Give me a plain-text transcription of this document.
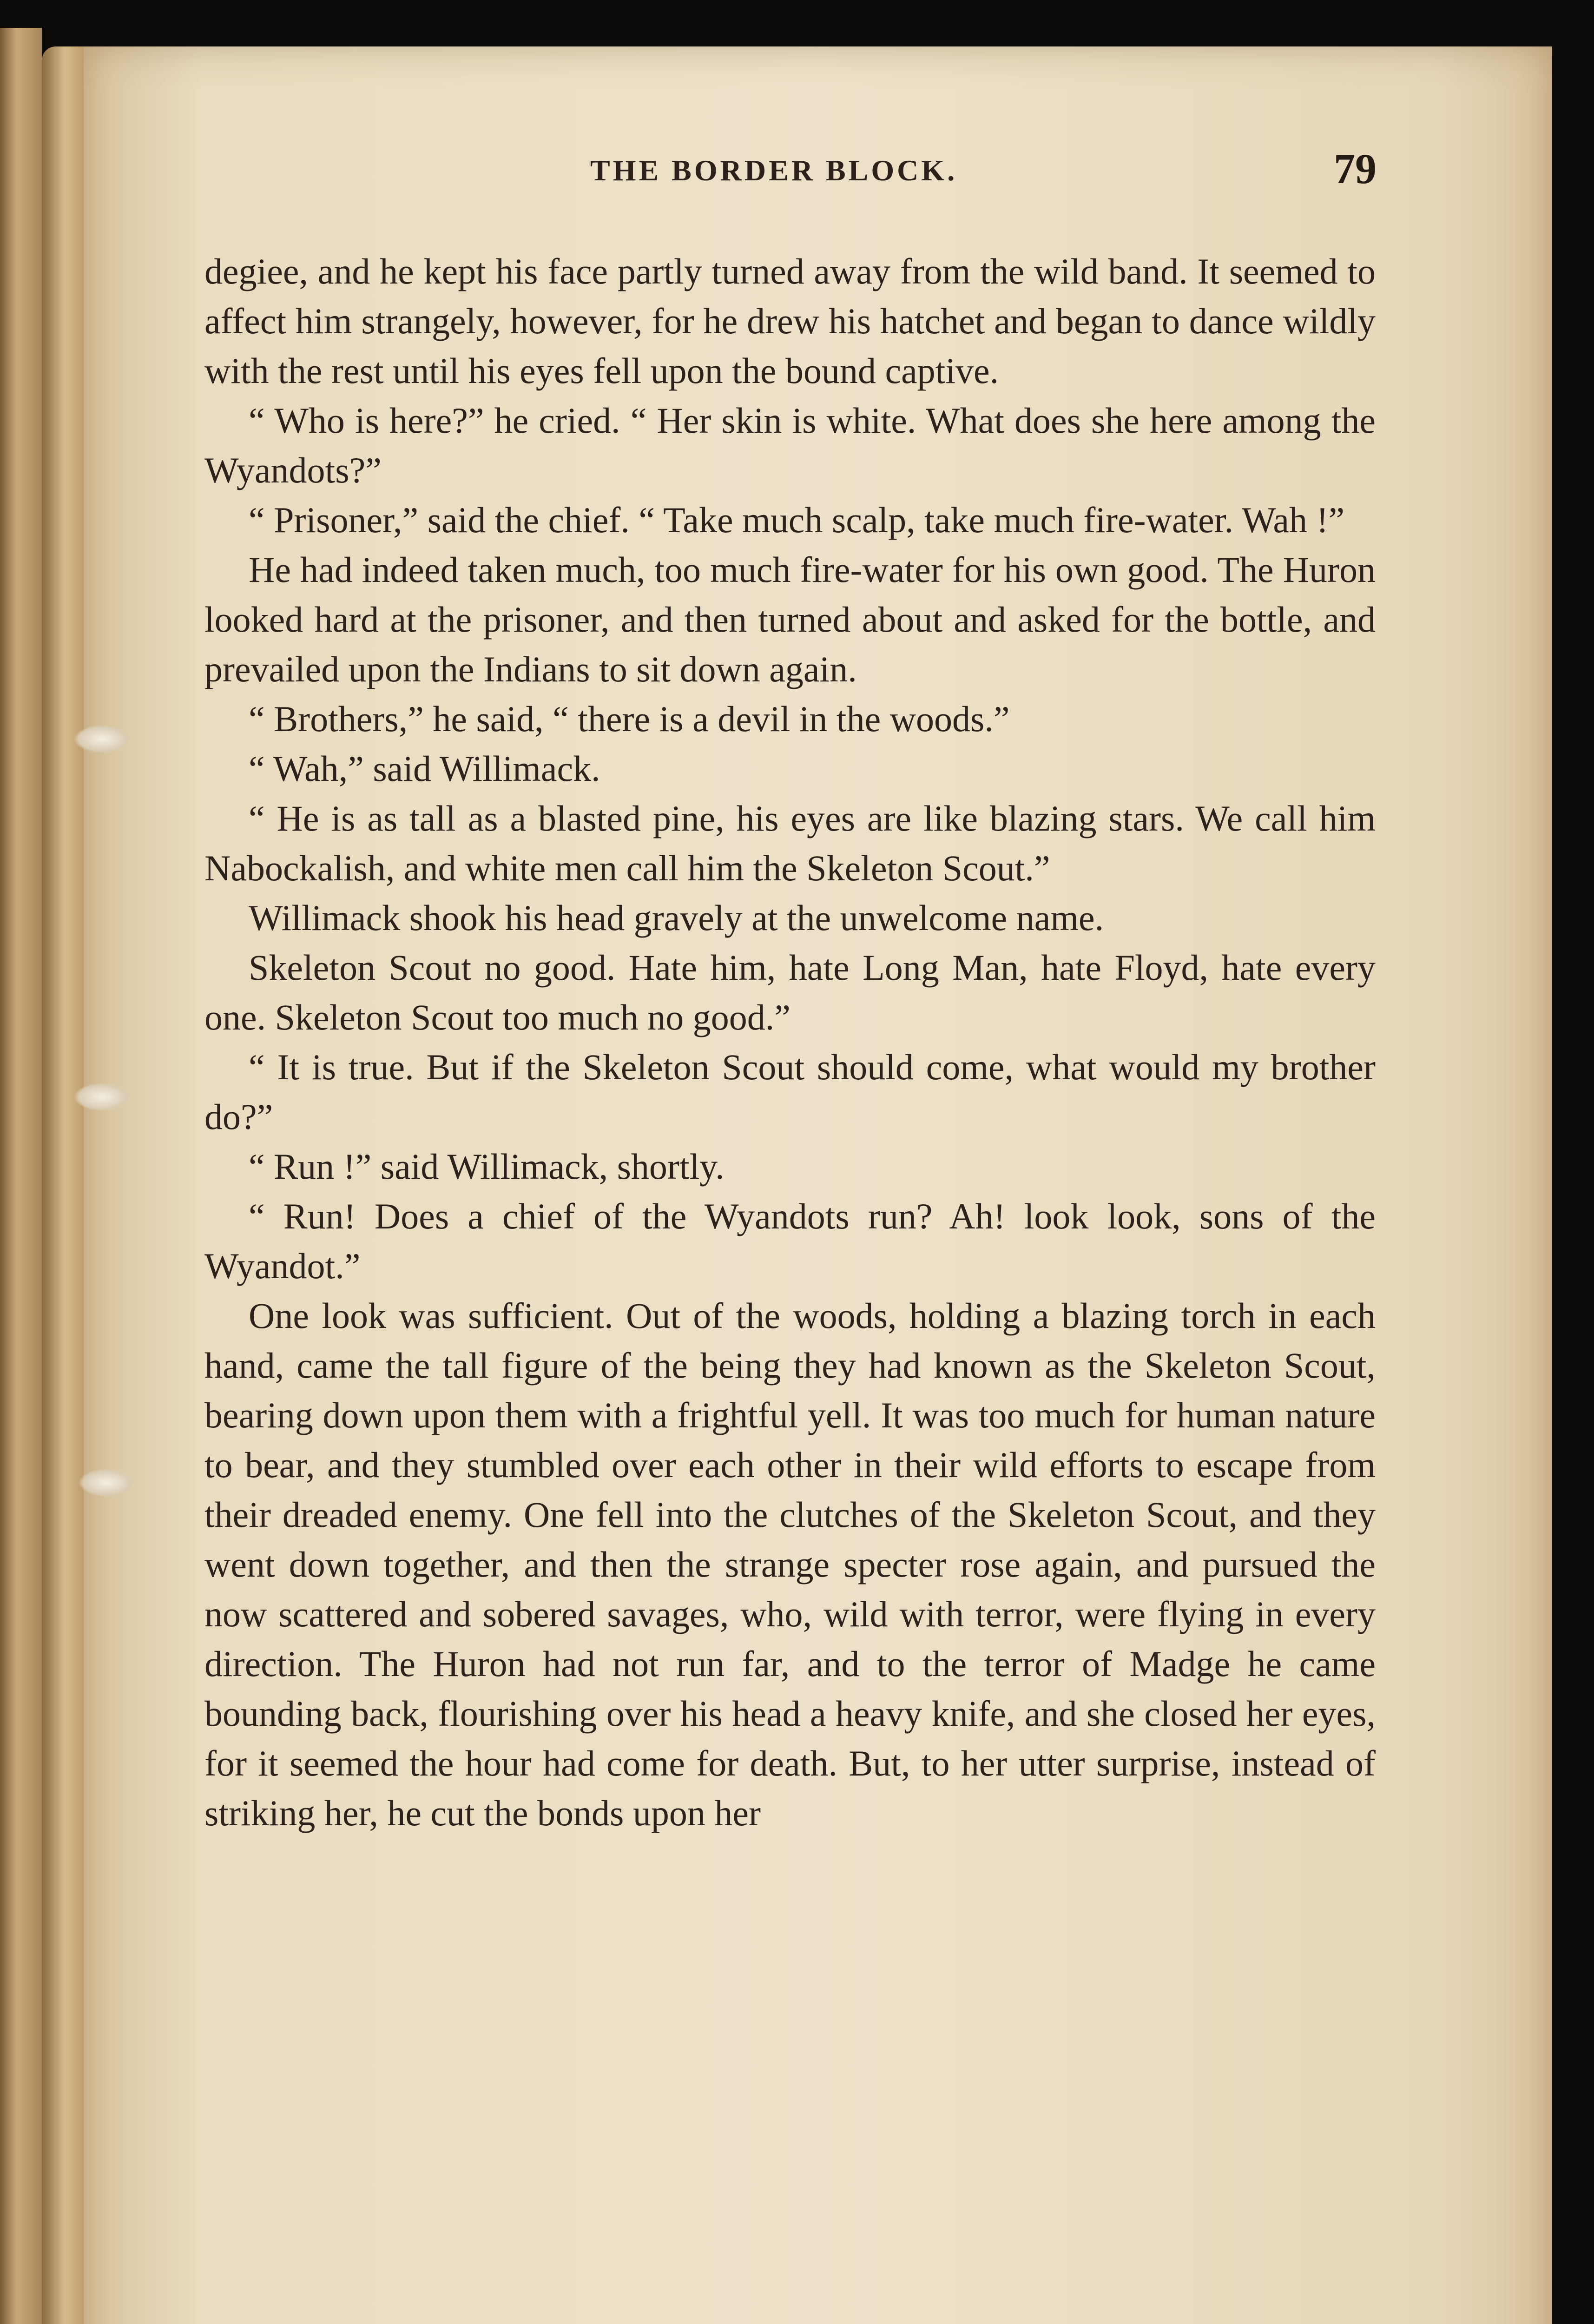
THE BORDER BLOCK.	79

degiee, and he kept his face partly turned away from the wild band. It seemed to affect him strangely, however, for he drew his hatchet and began to dance wildly with the rest until his eyes fell upon the bound captive.

“ Who is here?” he cried. “ Her skin is white. What does she here among the Wyandots?”

“ Prisoner,” said the chief. “ Take much scalp, take much fire-water. Wah !”

He had indeed taken much, too much fire-water for his own good. The Huron looked hard at the prisoner, and then turned about and asked for the bottle, and prevailed upon the Indians to sit down again.

“ Brothers,” he said, “ there is a devil in the woods.”

“ Wah,” said Willimack.

“ He is as tall as a blasted pine, his eyes are like blazing stars. We call him Nabockalish, and white men call him the Skeleton Scout.”

Willimack shook his head gravely at the unwelcome name.

Skeleton Scout no good. Hate him, hate Long Man, hate Floyd, hate every one. Skeleton Scout too much no good.”

“ It is true. But if the Skeleton Scout should come, what would my brother do?”

“ Run !” said Willimack, shortly.

“ Run! Does a chief of the Wyandots run? Ah! look look, sons of the Wyandot.”

One look was sufficient. Out of the woods, holding a blazing torch in each hand, came the tall figure of the being they had known as the Skeleton Scout, bearing down upon them with a frightful yell. It was too much for human nature to bear, and they stumbled over each other in their wild efforts to escape from their dreaded enemy. One fell into the clutches of the Skeleton Scout, and they went down together, and then the strange specter rose again, and pursued the now scattered and sobered savages, who, wild with terror, were flying in every direction. The Huron had not run far, and to the terror of Madge he came bounding back, flourishing over his head a heavy knife, and she closed her eyes, for it seemed the hour had come for death. But, to her utter surprise, instead of striking her, he cut the bonds upon her
